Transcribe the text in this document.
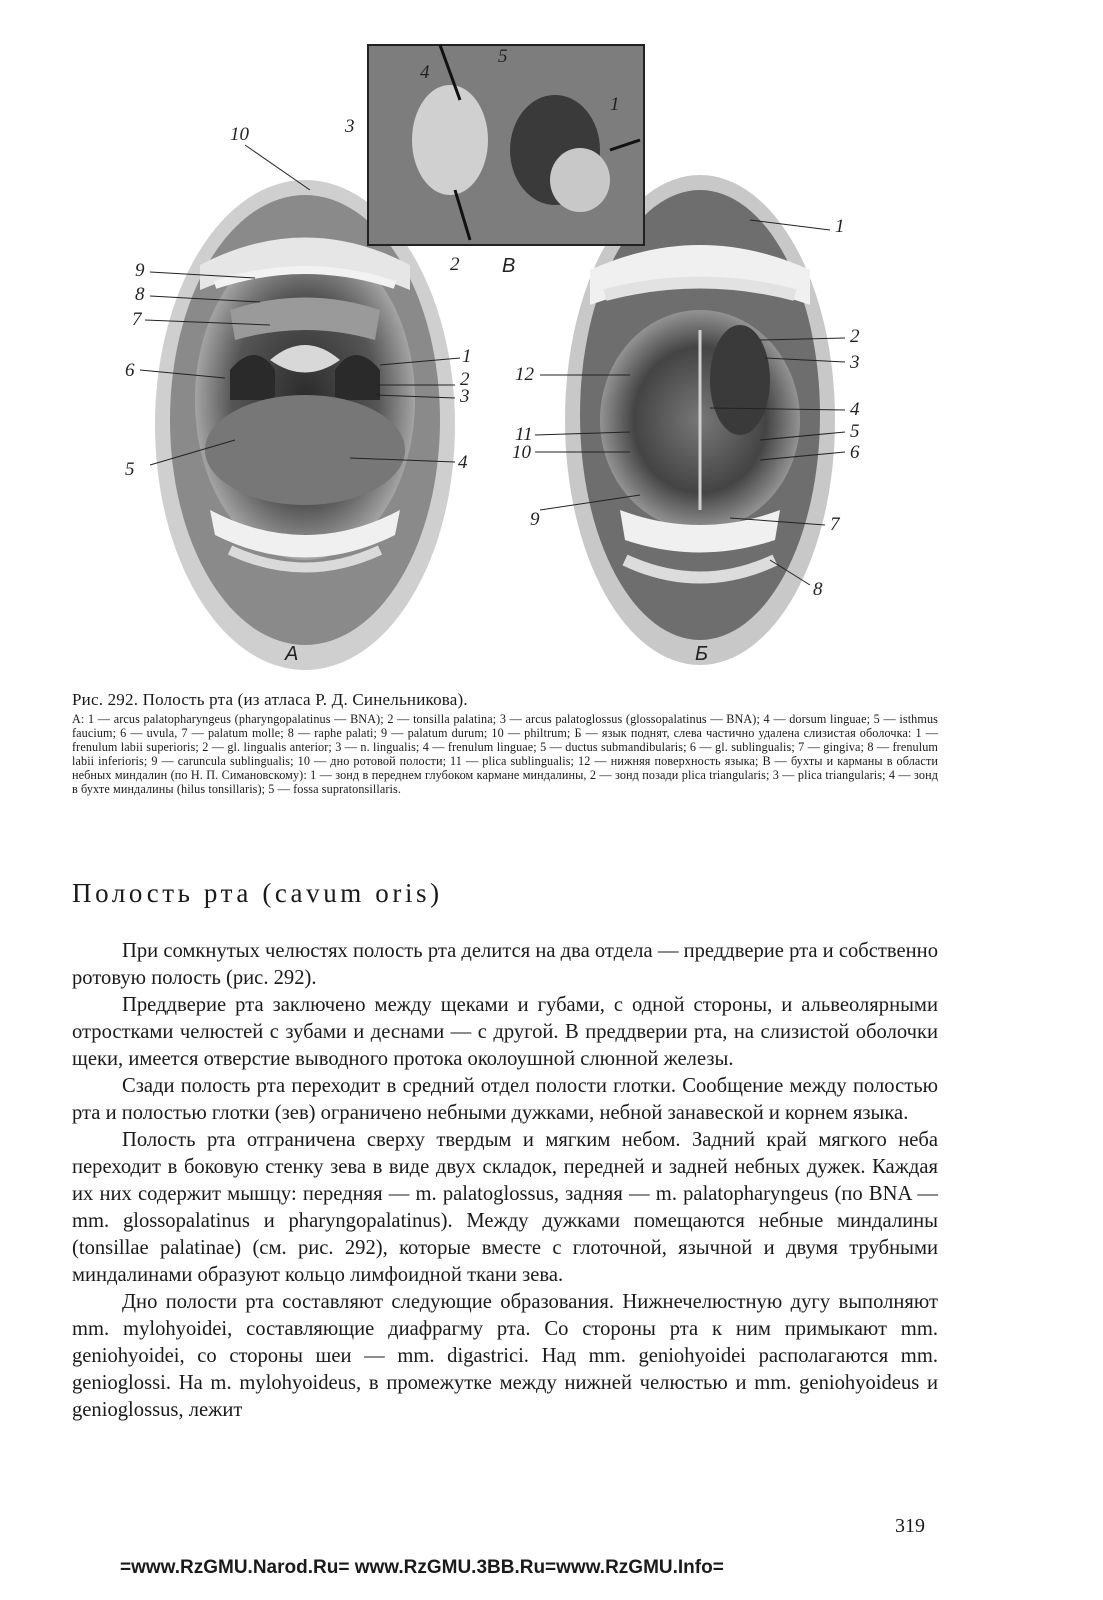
10
9
8
7
6
5
1
2
3
4
1
2
3
12
4
11
10
5
6
9	7
8
4
5
3
1
2
А	Б
В

Рис. 292. Полость рта (из атласа Р. Д. Синельникова).

А: 1 — arcus palatopharyngeus (pharyngopalatinus — BNA); 2 — tonsilla palatina; 3 — arcus palatoglossus (glossopalatinus — BNA); 4 — dorsum linguae; 5 — isthmus faucium; 6 — uvula, 7 — palatum molle; 8 — raphe palati; 9 — palatum durum; 10 — philtrum; Б — язык поднят, слева частично удалена слизистая оболочка: 1 — frenulum labii superioris; 2 — gl. lingualis anterior; 3 — n. lingualis; 4 — frenulum linguae; 5 — ductus submandibularis; 6 — gl. sublingualis; 7 — gingiva; 8 — frenulum labii inferioris; 9 — caruncula sublingualis; 10 — дно ротовой полости; 11 — plica sublingualis; 12 — нижняя поверхность языка; В — бухты и карманы в области небных миндалин (по Н. П. Симановскому): 1 — зонд в переднем глубоком кармане миндалины, 2 — зонд позади plica triangularis; 3 — plica triangularis; 4 — зонд в бухте миндалины (hilus tonsillaris); 5 — fossa supratonsillaris.

Полость рта (cavum oris)

При сомкнутых челюстях полость рта делится на два отдела — преддверие рта и собственно ротовую полость (рис. 292).

Преддверие рта заключено между щеками и губами, с одной стороны, и альвеолярными отростками челюстей с зубами и деснами — с другой. В преддверии рта, на слизистой оболочки щеки, имеется отверстие выводного протока околоушной слюнной железы.

Сзади полость рта переходит в средний отдел полости глотки. Сообщение между полостью рта и полостью глотки (зев) ограничено небными дужками, небной занавеской и корнем языка.

Полость рта отграничена сверху твердым и мягким небом. Задний край мягкого неба переходит в боковую стенку зева в виде двух складок, передней и задней небных дужек. Каждая их них содержит мышцу: передняя — m. palatoglossus, задняя — m. palatopharyngeus (по BNA — mm. glossopalatinus и pharyngopalatinus). Между дужками помещаются небные миндалины (tonsillae palatinae) (см. рис. 292), которые вместе с глоточной, язычной и двумя трубными миндалинами образуют кольцо лимфоидной ткани зева.

Дно полости рта составляют следующие образования. Нижнечелюстную дугу выполняют mm. mylohyoidei, составляющие диафрагму рта. Со стороны рта к ним примыкают mm. geniohyoidei, со стороны шеи — mm. digastrici. Над mm. geniohyoidei располагаются mm. genioglossi. На m. mylohyoideus, в промежутке между нижней челюстью и mm. geniohyoideus и genioglossus, лежит

319
=www.RzGMU.Narod.Ru= www.RzGMU.3BB.Ru=www.RzGMU.Info=
